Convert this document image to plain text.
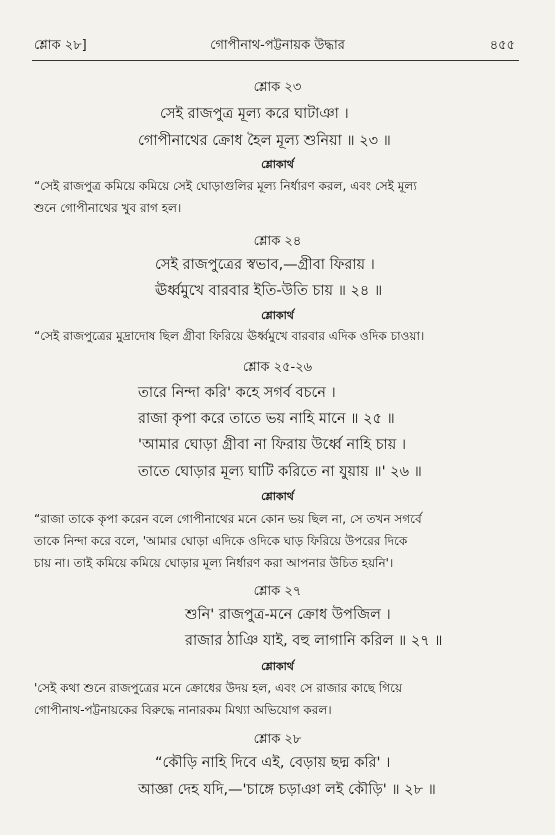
শ্লোক ২৮]	গোপীনাথ-পট্টনায়ক উদ্ধার	৪৫৫
শ্লোক ২৩
সেই রাজপুত্র মূল্য করে ঘাটাঞা ।
গোপীনাথের ক্রোধ হৈল মূল্য শুনিয়া ॥ ২৩ ॥
শ্লোকার্থ
“সেই রাজপুত্র কমিয়ে কমিয়ে সেই ঘোড়াগুলির মূল্য নির্ধারণ করল, এবং সেই মূল্য
শুনে গোপীনাথের খুব রাগ হল।
শ্লোক ২৪
সেই রাজপুত্রের স্বভাব,—গ্রীবা ফিরায় ।
ঊর্ধ্বমুখে বারবার ইতি-উতি চায় ॥ ২৪ ॥
শ্লোকার্থ
“সেই রাজপুত্রের মুদ্রাদোষ ছিল গ্রীবা ফিরিয়ে ঊর্ধ্বমুখে বারবার এদিক ওদিক চাওয়া।
শ্লোক ২৫-২৬
তারে নিন্দা করি' কহে সগর্ব বচনে ।
রাজা কৃপা করে তাতে ভয় নাহি মানে ॥ ২৫ ॥
'আমার ঘোড়া গ্রীবা না ফিরায় উর্ধ্বে নাহি চায় ।
তাতে ঘোড়ার মূল্য ঘাটি করিতে না যুয়ায় ॥' ২৬ ॥
শ্লোকার্থ
“রাজা তাকে কৃপা করেন বলে গোপীনাথের মনে কোন ভয় ছিল না, সে তখন সগর্বে
তাকে নিন্দা করে বলে, 'আমার ঘোড়া এদিকে ওদিকে ঘাড় ফিরিয়ে উপরের দিকে
চায় না। তাই কমিয়ে কমিয়ে ঘোড়ার মূল্য নির্ধারণ করা আপনার উচিত হয়নি'।
শ্লোক ২৭
শুনি' রাজপুত্র-মনে ক্রোধ উপজিল ।
রাজার ঠাঞি যাই, বহু লাগানি করিল ॥ ২৭ ॥
শ্লোকার্থ
'সেই কথা শুনে রাজপুত্রের মনে ক্রোধের উদয় হল, এবং সে রাজার কাছে গিয়ে
গোপীনাথ-পট্টনায়কের বিরুদ্ধে নানারকম মিথ্যা অভিযোগ করল।
শ্লোক ২৮
“কৌড়ি নাহি দিবে এই, বেড়ায় ছদ্ম করি' ।
আজ্ঞা দেহ যদি,—'চাঙ্গে চড়াঞা লই কৌড়ি' ॥ ২৮ ॥
